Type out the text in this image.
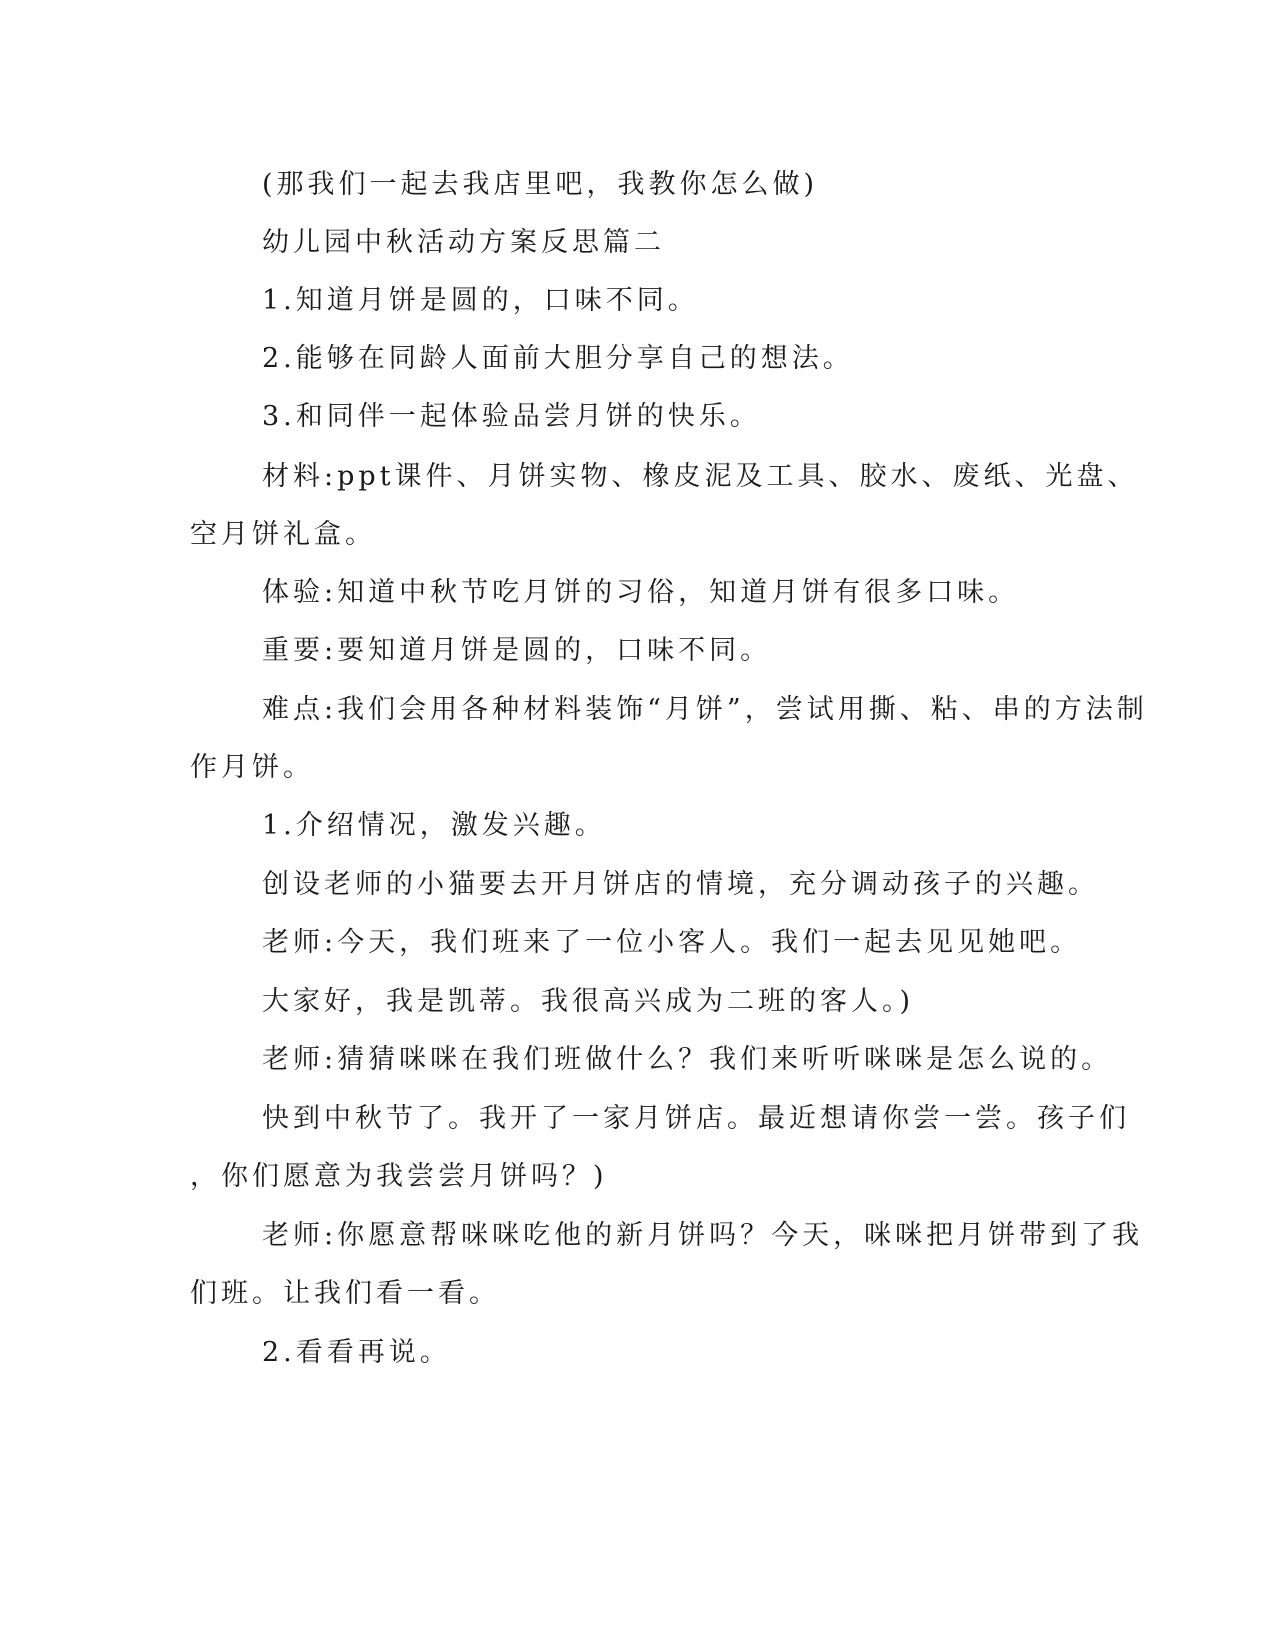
(那我们一起去我店里吧，我教你怎么做)

幼儿园中秋活动方案反思篇二

1.知道月饼是圆的，口味不同。

2.能够在同龄人面前大胆分享自己的想法。

3.和同伴一起体验品尝月饼的快乐。

材料:ppt课件、月饼实物、橡皮泥及工具、胶水、废纸、光盘、

空月饼礼盒。

体验:知道中秋节吃月饼的习俗，知道月饼有很多口味。

重要:要知道月饼是圆的，口味不同。

难点:我们会用各种材料装饰“月饼”，尝试用撕、粘、串的方法制

作月饼。

1.介绍情况，激发兴趣。

创设老师的小猫要去开月饼店的情境，充分调动孩子的兴趣。

老师:今天，我们班来了一位小客人。我们一起去见见她吧。

大家好，我是凯蒂。我很高兴成为二班的客人。)

老师:猜猜咪咪在我们班做什么？我们来听听咪咪是怎么说的。

快到中秋节了。我开了一家月饼店。最近想请你尝一尝。孩子们

，你们愿意为我尝尝月饼吗？)

老师:你愿意帮咪咪吃他的新月饼吗？今天，咪咪把月饼带到了我

们班。让我们看一看。

2.看看再说。
